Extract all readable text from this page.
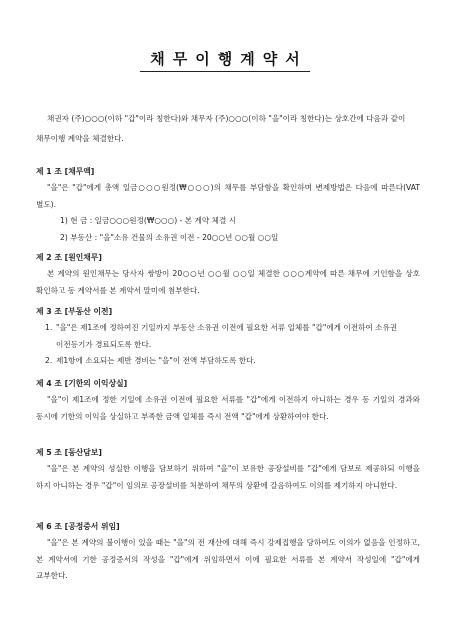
채무이행계약서

채권자 (주)○○○(이하 "갑"이라 칭한다)와 채무자 (주)○○○(이하 "을"이라 칭한다)는 상호간에 다음과 같이 채무이행 계약을 체결한다.

제 1 조 [채무액]

"을"은 "갑"에게 총액 일금○○○원정(₩○○○)의 채무를 부담함을 확인하며 변제방법은 다음에 따른다(VAT 별도).

1) 현 금 : 일금○○○원정(₩○○○) - 본 계약 체결 시
2) 부동산 : "을"소유 건물의 소유권 이전 - 20○○년 ○○월 ○○일
제 2 조 [원인채무]

본 계약의 원인채무는 당사자 쌍방이 20○○년 ○○월 ○○일 체결한 ○○○계약에 따른 채무에 기인함을 상호 확인하고 동 계약서를 본 계약서 말미에 첨부한다.

제 3 조 [부동산 이전]
1. "을"은 제1조에 정하여진 기일까지 부동산 소유권 이전에 필요한 서류 일체를 "갑"에게 이전하여 소유권 이전등기가 경료되도록 한다.
2. 제1항에 소요되는 제반 경비는 "을"이 전액 부담하도록 한다.
제 4 조 [기한의 이익상실]

"을"이 제1조에 정한 기일에 소유권 이전에 필요한 서류를 "갑"에게 이전하지 아니하는 경우 동 기일의 경과와 동시에 기한의 이익을 상실하고 부족한 금액 일체를 즉시 전액 "갑"에게 상환하여야 한다.

제 5 조 [동산담보]

"을"은 본 계약의 성실한 이행을 담보하기 위하여 "을"이 보유한 공장설비를 "갑"에게 담보로 제공하되 이행을 하지 아니하는 경우 "갑"이 임의로 공장설비를 처분하여 채무의 상환에 갈음하여도 이의를 제기하지 아니한다.

제 6 조 [공정증서 위임]

"을"은 본 계약의 불이행이 있을 때는 "을"의 전 재산에 대해 즉시 강제집행을 당하여도 이의가 없음을 인정하고, 본 계약서에 기한 공정증서의 작성을 "갑"에게 위임하면서 이에 필요한 서류를 본 계약서 작성일에 "갑"에게 교부한다.
